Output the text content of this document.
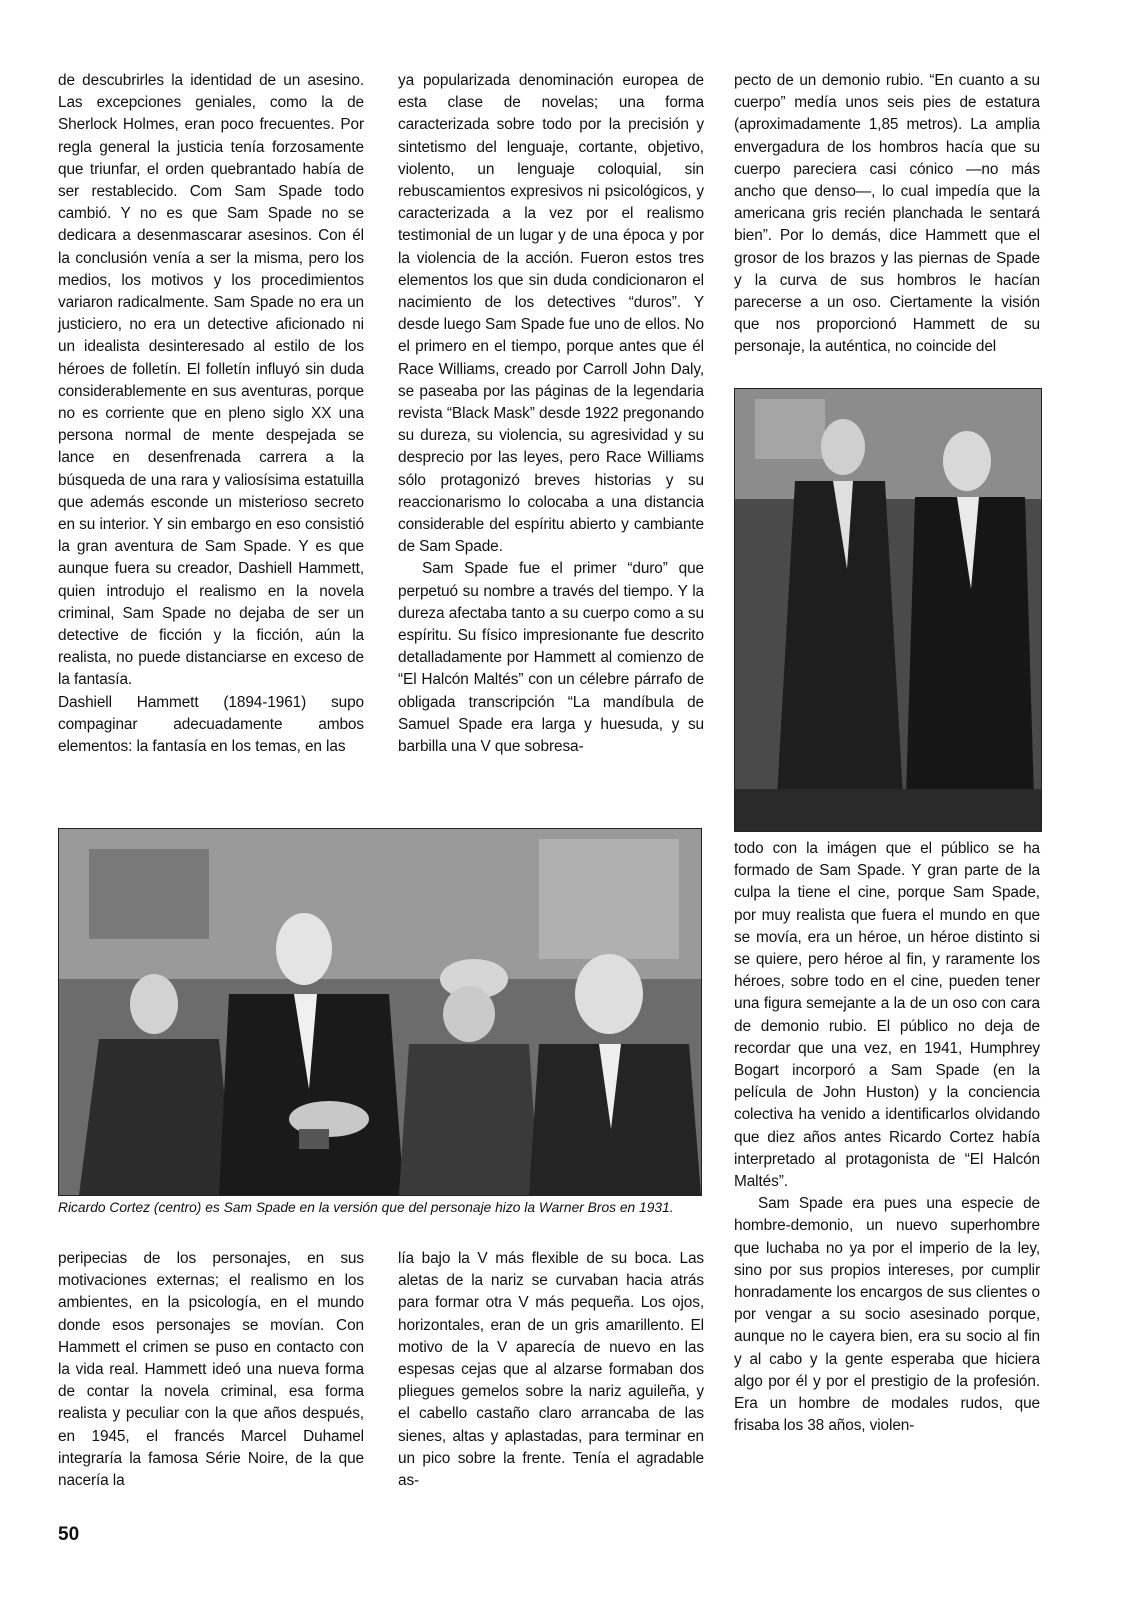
de descubrirles la identidad de un asesino. Las excepciones geniales, como la de Sherlock Holmes, eran poco frecuentes. Por regla general la justicia tenía forzosamente que triunfar, el orden quebrantado había de ser restablecido. Com Sam Spade todo cambió. Y no es que Sam Spade no se dedicara a desenmascarar asesinos. Con él la conclusión venía a ser la misma, pero los medios, los motivos y los procedimientos variaron radicalmente. Sam Spade no era un justiciero, no era un detective aficionado ni un idealista desinteresado al estilo de los héroes de folletín. El folletín influyó sin duda considerablemente en sus aventuras, porque no es corriente que en pleno siglo XX una persona normal de mente despejada se lance en desenfrenada carrera a la búsqueda de una rara y valiosísima estatuilla que además esconde un misterioso secreto en su interior. Y sin embargo en eso consistió la gran aventura de Sam Spade. Y es que aunque fuera su creador, Dashiell Hammett, quien introdujo el realismo en la novela criminal, Sam Spade no dejaba de ser un detective de ficción y la ficción, aún la realista, no puede distanciarse en exceso de la fantasía.

Dashiell Hammett (1894-1961) supo compaginar adecuadamente ambos elementos: la fantasía en los temas, en las

ya popularizada denominación europea de esta clase de novelas; una forma caracterizada sobre todo por la precisión y sintetismo del lenguaje, cortante, objetivo, violento, un lenguaje coloquial, sin rebuscamientos expresivos ni psicológicos, y caracterizada a la vez por el realismo testimonial de un lugar y de una época y por la violencia de la acción. Fueron estos tres elementos los que sin duda condicionaron el nacimiento de los detectives “duros”. Y desde luego Sam Spade fue uno de ellos. No el primero en el tiempo, porque antes que él Race Williams, creado por Carroll John Daly, se paseaba por las páginas de la legendaria revista “Black Mask” desde 1922 pregonando su dureza, su violencia, su agresividad y su desprecio por las leyes, pero Race Williams sólo protagonizó breves historias y su reaccionarismo lo colocaba a una distancia considerable del espíritu abierto y cambiante de Sam Spade.

Sam Spade fue el primer “duro” que perpetuó su nombre a través del tiempo. Y la dureza afectaba tanto a su cuerpo como a su espíritu. Su físico impresionante fue descrito detalladamente por Hammett al comienzo de “El Halcón Maltés” con un célebre párrafo de obligada transcripción “La mandíbula de Samuel Spade era larga y huesuda, y su barbilla una V que sobresa-

pecto de un demonio rubio. “En cuanto a su cuerpo” medía unos seis pies de estatura (aproximadamente 1,85 metros). La amplia envergadura de los hombros hacía que su cuerpo pareciera casi cónico —no más ancho que denso—, lo cual impedía que la americana gris recién planchada le sentará bien”. Por lo demás, dice Hammett que el grosor de los brazos y las piernas de Spade y la curva de sus hombros le hacían parecerse a un oso. Ciertamente la visión que nos proporcionó Hammett de su personaje, la auténtica, no coincide del

Ricardo Cortez (centro) es Sam Spade en la versión que del personaje hizo la Warner Bros en 1931.

todo con la imágen que el público se ha formado de Sam Spade. Y gran parte de la culpa la tiene el cine, porque Sam Spade, por muy realista que fuera el mundo en que se movía, era un héroe, un héroe distinto si se quiere, pero héroe al fin, y raramente los héroes, sobre todo en el cine, pueden tener una figura semejante a la de un oso con cara de demonio rubio. El público no deja de recordar que una vez, en 1941, Humphrey Bogart incorporó a Sam Spade (en la película de John Huston) y la conciencia colectiva ha venido a identificarlos olvidando que diez años antes Ricardo Cortez había interpretado al protagonista de “El Halcón Maltés”.

Sam Spade era pues una especie de hombre-demonio, un nuevo superhombre que luchaba no ya por el imperio de la ley, sino por sus propios intereses, por cumplir honradamente los encargos de sus clientes o por vengar a su socio asesinado porque, aunque no le cayera bien, era su socio al fin y al cabo y la gente esperaba que hiciera algo por él y por el prestigio de la profesión. Era un hombre de modales rudos, que frisaba los 38 años, violen-

peripecias de los personajes, en sus motivaciones externas; el realismo en los ambientes, en la psicología, en el mundo donde esos personajes se movían. Con Hammett el crimen se puso en contacto con la vida real. Hammett ideó una nueva forma de contar la novela criminal, esa forma realista y peculiar con la que años después, en 1945, el francés Marcel Duhamel integraría la famosa Série Noire, de la que nacería la

lía bajo la V más flexible de su boca. Las aletas de la nariz se curvaban hacia atrás para formar otra V más pequeña. Los ojos, horizontales, eran de un gris amarillento. El motivo de la V aparecía de nuevo en las espesas cejas que al alzarse formaban dos pliegues gemelos sobre la nariz aguileña, y el cabello castaño claro arrancaba de las sienes, altas y aplastadas, para terminar en un pico sobre la frente. Tenía el agradable as-

50
